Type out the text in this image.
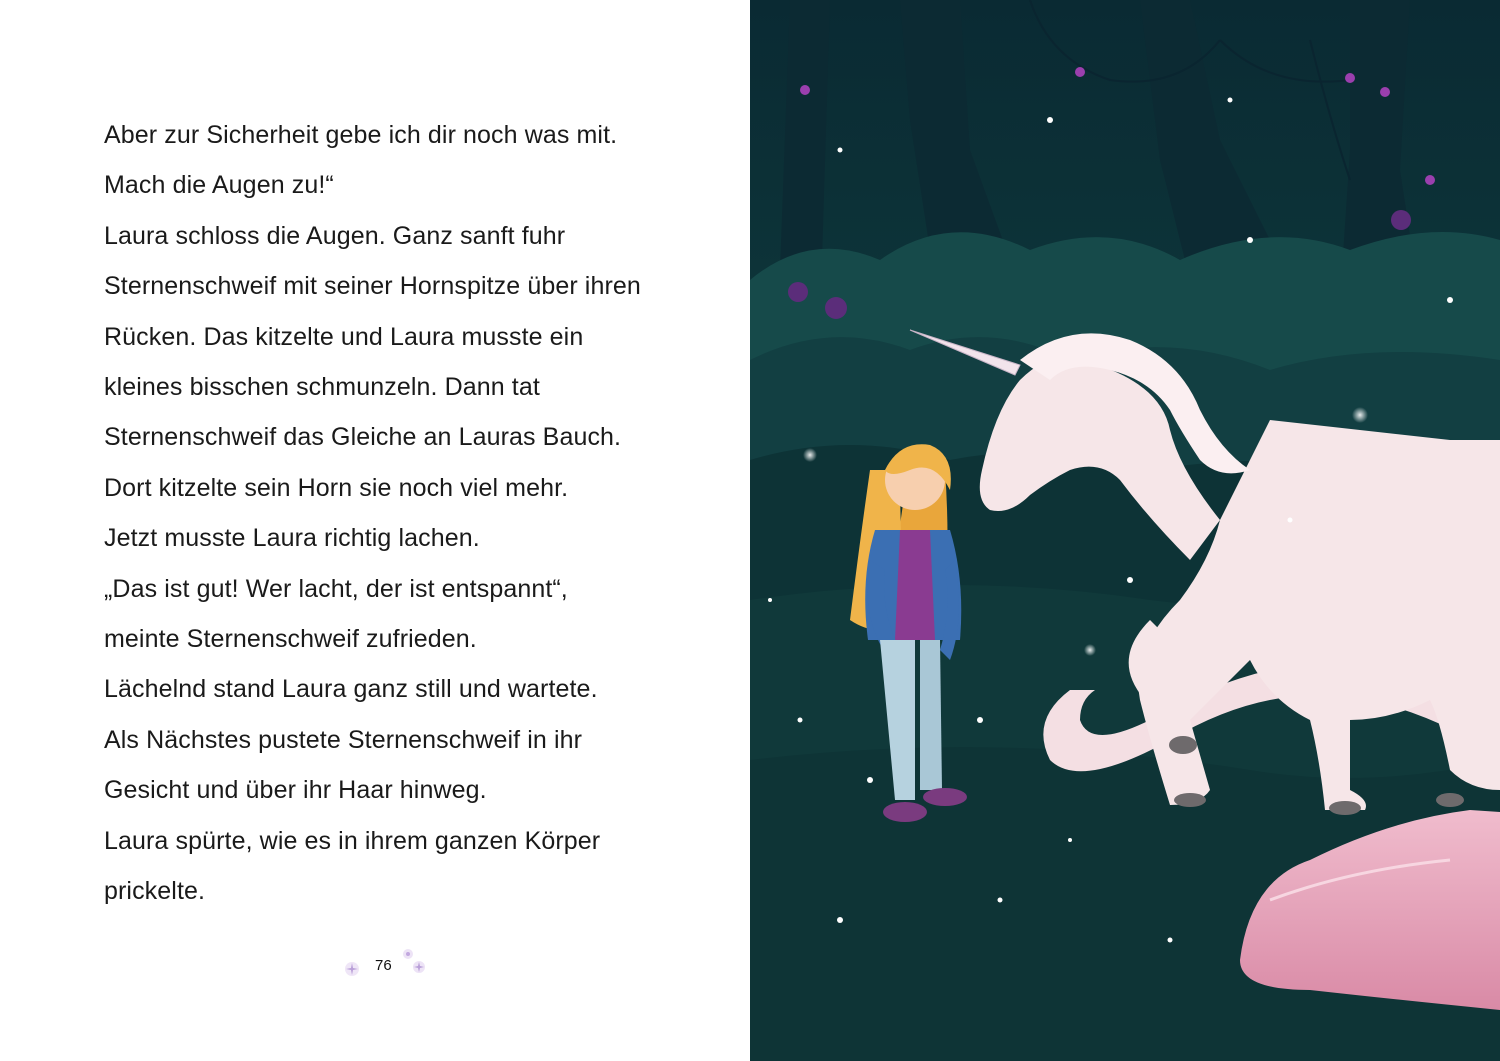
Aber zur Sicherheit gebe ich dir noch was mit.
Mach die Augen zu!“
Laura schloss die Augen. Ganz sanft fuhr
Sternenschweif mit seiner Hornspitze über ihren
Rücken. Das kitzelte und Laura musste ein
kleines bisschen schmunzeln. Dann tat
Sternenschweif das Gleiche an Lauras Bauch.
Dort kitzelte sein Horn sie noch viel mehr.
Jetzt musste Laura richtig lachen.
„Das ist gut! Wer lacht, der ist entspannt“,
meinte Sternenschweif zufrieden.
Lächelnd stand Laura ganz still und wartete.
Als Nächstes pustete Sternenschweif in ihr
Gesicht und über ihr Haar hinweg.
Laura spürte, wie es in ihrem ganzen Körper
prickelte.
76
